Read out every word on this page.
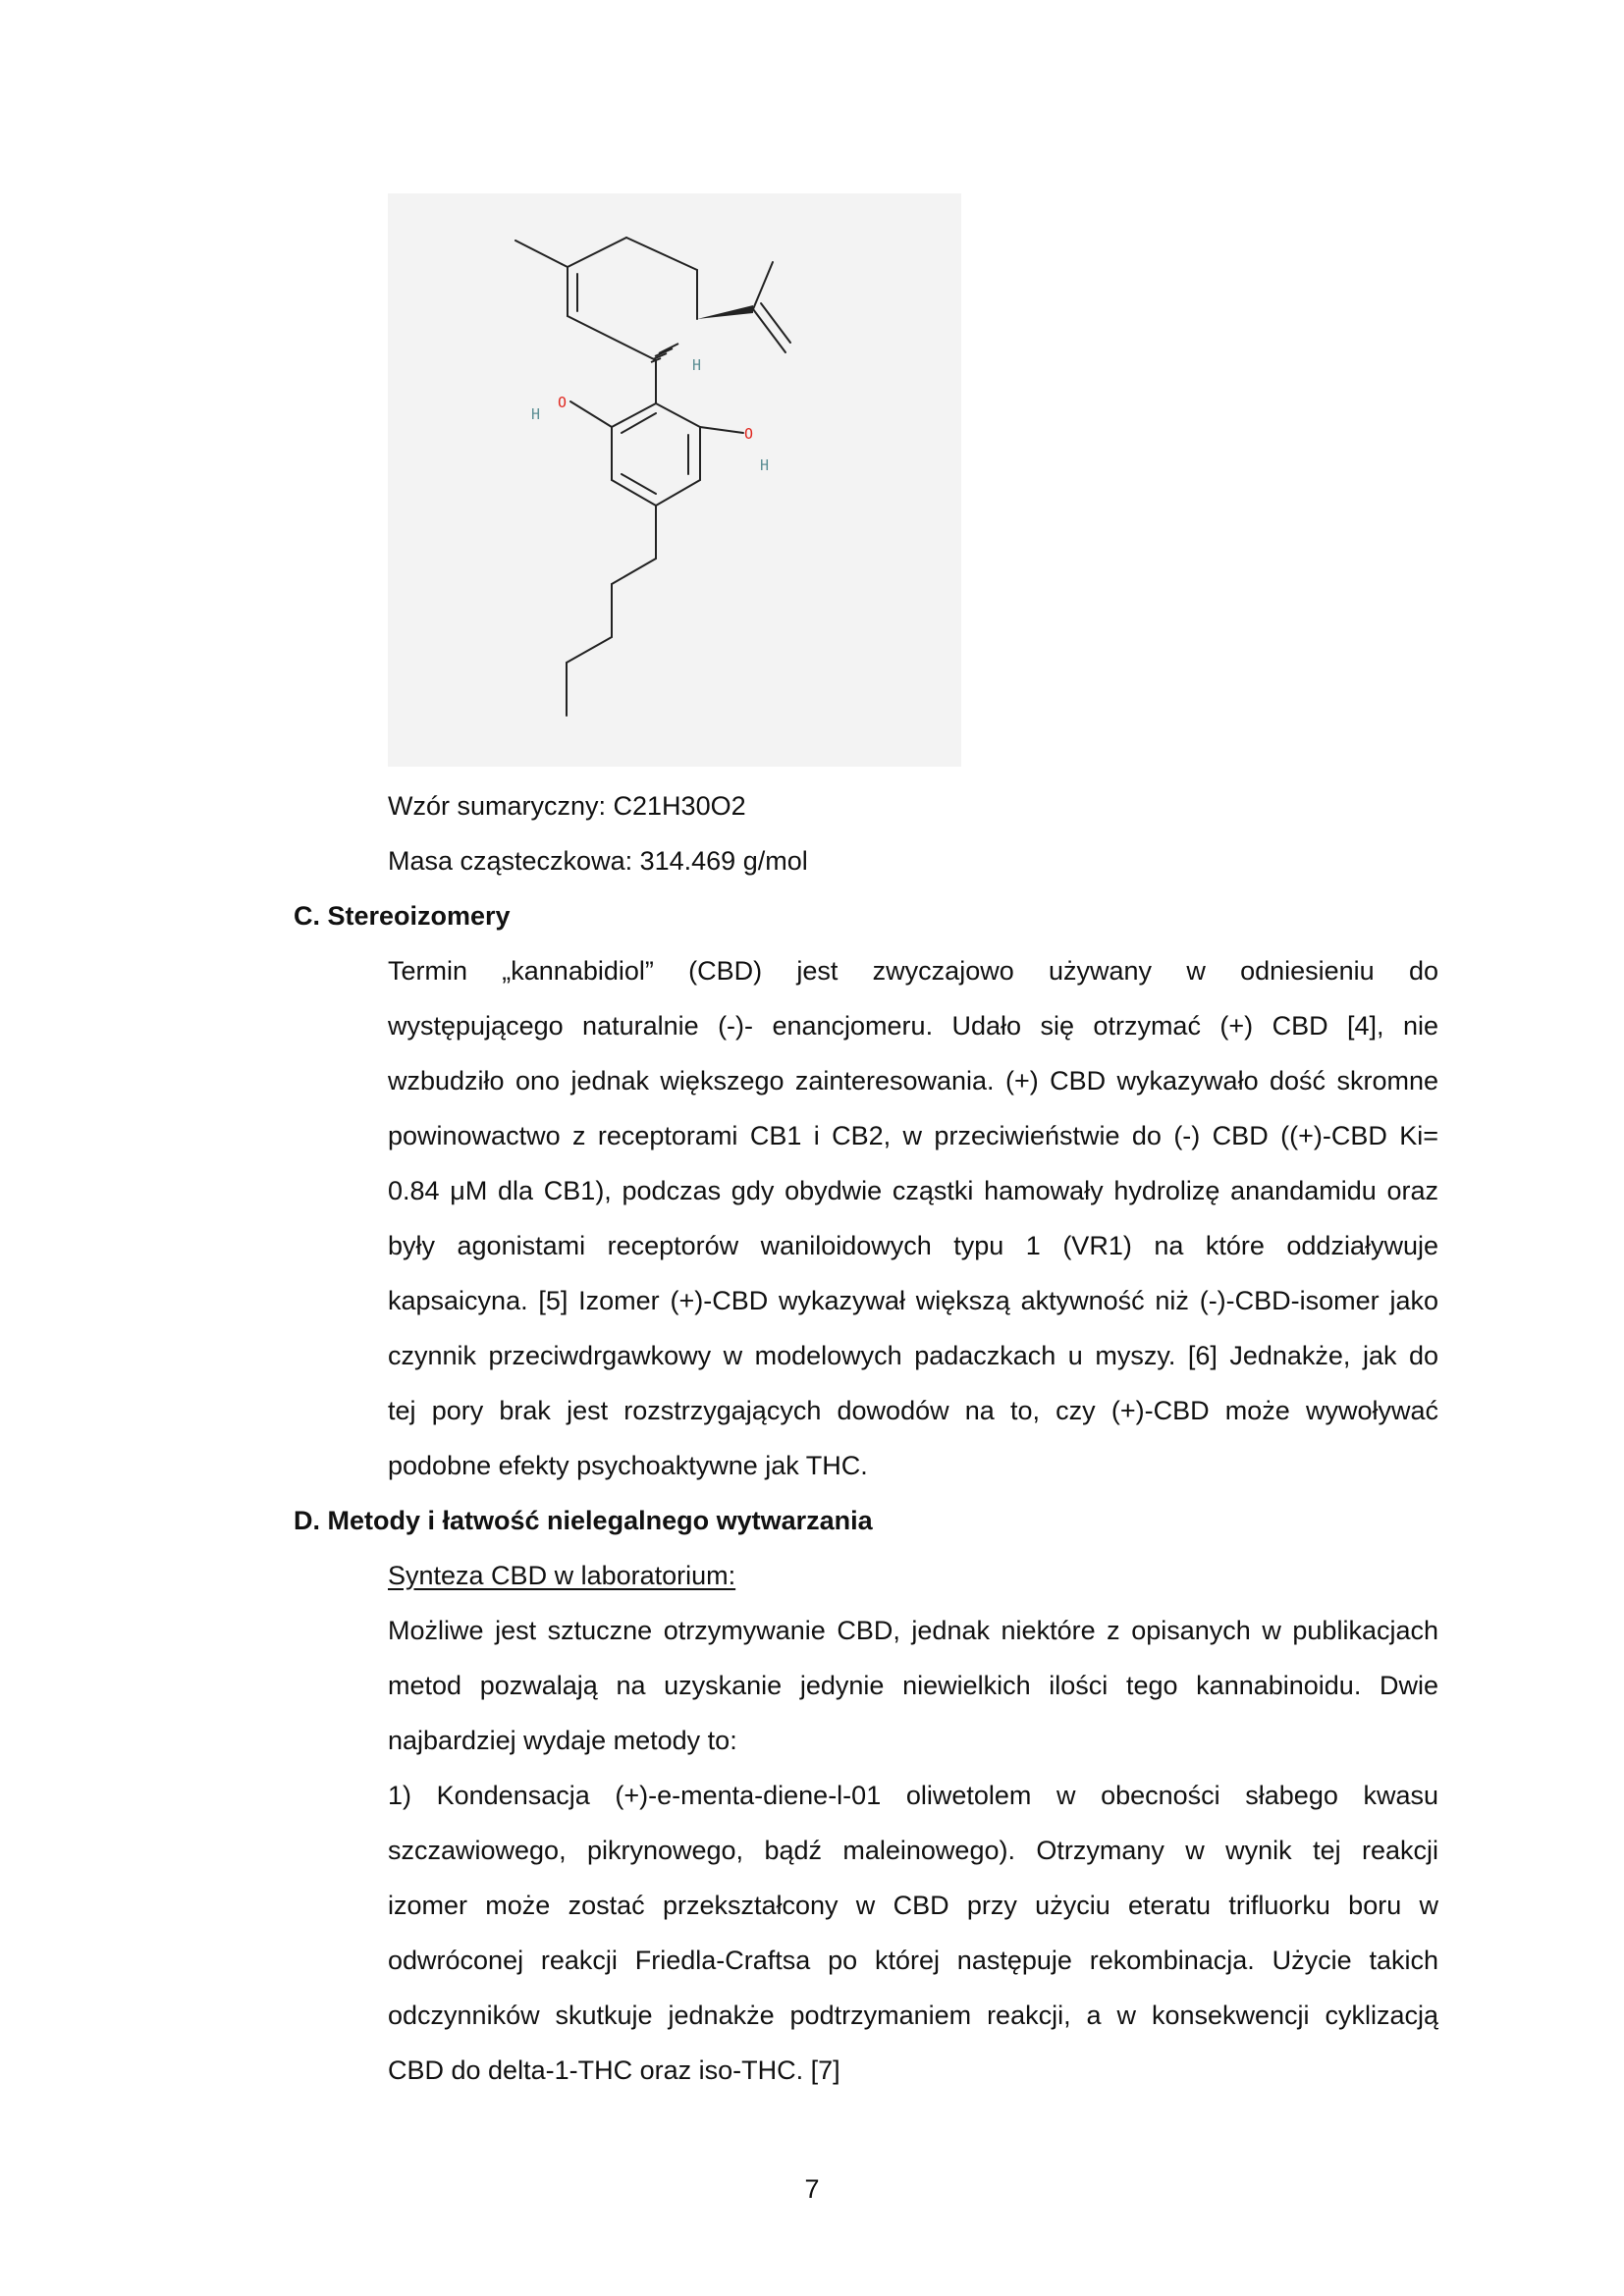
H
O
H
O
H
Wzór sumaryczny: C21H30O2
Masa cząsteczkowa: 314.469 g/mol
C. Stereoizomery
Termin „kannabidiol” (CBD) jest zwyczajowo używany w odniesieniu do
występującego naturalnie (-)- enancjomeru. Udało się otrzymać (+) CBD [4], nie
wzbudziło ono jednak większego zainteresowania. (+) CBD wykazywało dość skromne
powinowactwo z receptorami CB1 i CB2, w przeciwieństwie do (-) CBD ((+)-CBD Ki=
0.84 μM dla CB1), podczas gdy obydwie cząstki hamowały hydrolizę anandamidu oraz
były agonistami receptorów waniloidowych typu 1 (VR1) na które oddziaływuje
kapsaicyna. [5] Izomer (+)-CBD wykazywał większą aktywność niż (-)-CBD-isomer jako
czynnik przeciwdrgawkowy w modelowych padaczkach u myszy. [6] Jednakże, jak do
tej pory brak jest rozstrzygających dowodów na to, czy (+)-CBD może wywoływać
podobne efekty psychoaktywne jak THC.
D. Metody i łatwość nielegalnego wytwarzania
Synteza CBD w laboratorium:
Możliwe jest sztuczne otrzymywanie CBD, jednak niektóre z opisanych w publikacjach
metod pozwalają na uzyskanie jedynie niewielkich ilości tego kannabinoidu. Dwie
najbardziej wydaje metody to:
1) Kondensacja (+)-e-menta-diene-l-01 oliwetolem w obecności słabego kwasu
szczawiowego, pikrynowego, bądź maleinowego). Otrzymany w wynik tej reakcji
izomer może zostać przekształcony w CBD przy użyciu eteratu trifluorku boru w
odwróconej reakcji Friedla-Craftsa po której następuje rekombinacja. Użycie takich
odczynników skutkuje jednakże podtrzymaniem reakcji, a w konsekwencji cyklizacją
CBD do delta-1-THC oraz iso-THC. [7]
7
